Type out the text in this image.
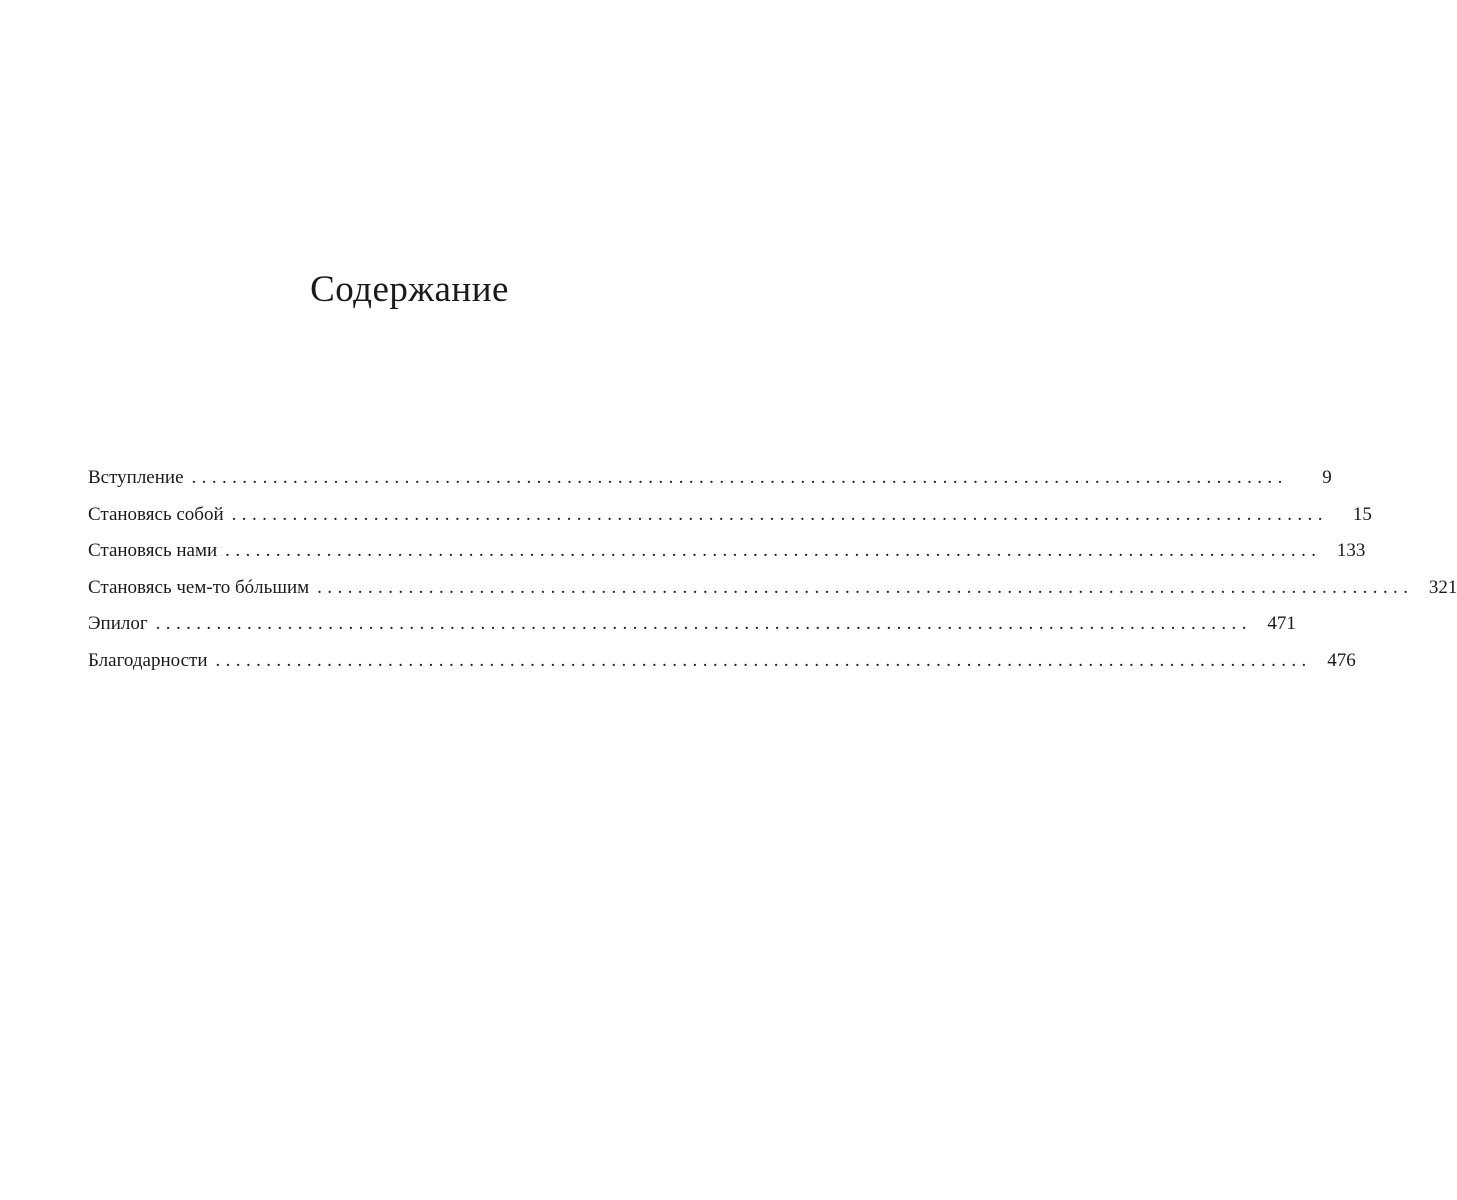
Содержание
Вступление ............................................................................................................	9
Становясь собой ............................................................................................................	15
Становясь нами ............................................................................................................ 133
Становясь чем-то бóльшим ............................................................................................................ 321
Эпилог ............................................................................................................ 471
Благодарности ............................................................................................................ 476
